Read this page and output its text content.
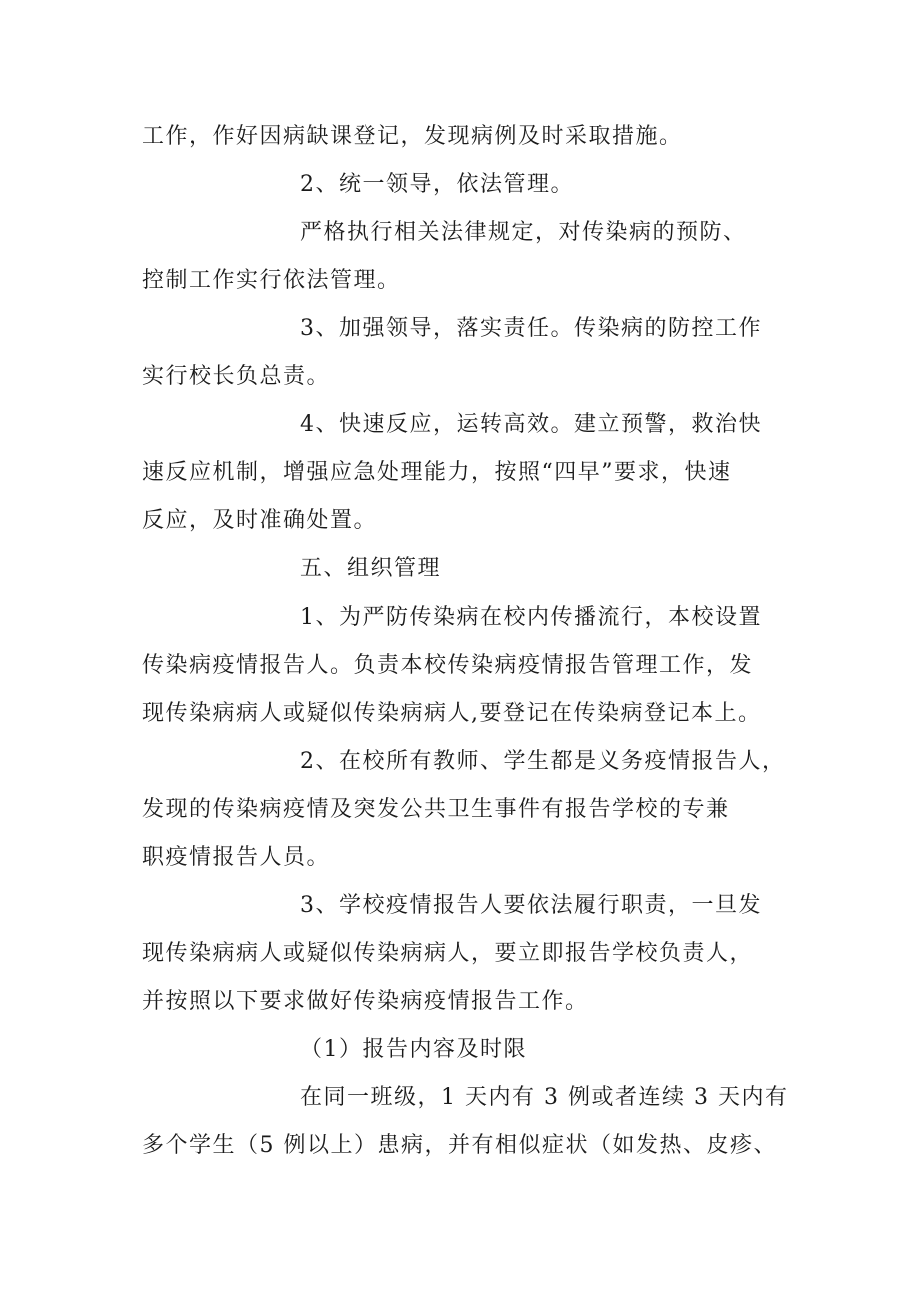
工作，作好因病缺课登记，发现病例及时采取措施。
2、统一领导，依法管理。
严格执行相关法律规定，对传染病的预防、
控制工作实行依法管理。
3、加强领导，落实责任。传染病的防控工作
实行校长负总责。
4、快速反应，运转高效。建立预警，救治快
速反应机制，增强应急处理能力，按照“四早”要求，快速
反应，及时准确处置。
五、组织管理
1、为严防传染病在校内传播流行，本校设置
传染病疫情报告人。负责本校传染病疫情报告管理工作，发
现传染病病人或疑似传染病病人,要登记在传染病登记本上。
2、在校所有教师、学生都是义务疫情报告人，
发现的传染病疫情及突发公共卫生事件有报告学校的专兼
职疫情报告人员。
3、学校疫情报告人要依法履行职责，一旦发
现传染病病人或疑似传染病病人，要立即报告学校负责人，
并按照以下要求做好传染病疫情报告工作。
（1）报告内容及时限
在同一班级，1 天内有 3 例或者连续 3 天内有
多个学生（5 例以上）患病，并有相似症状（如发热、皮疹、
